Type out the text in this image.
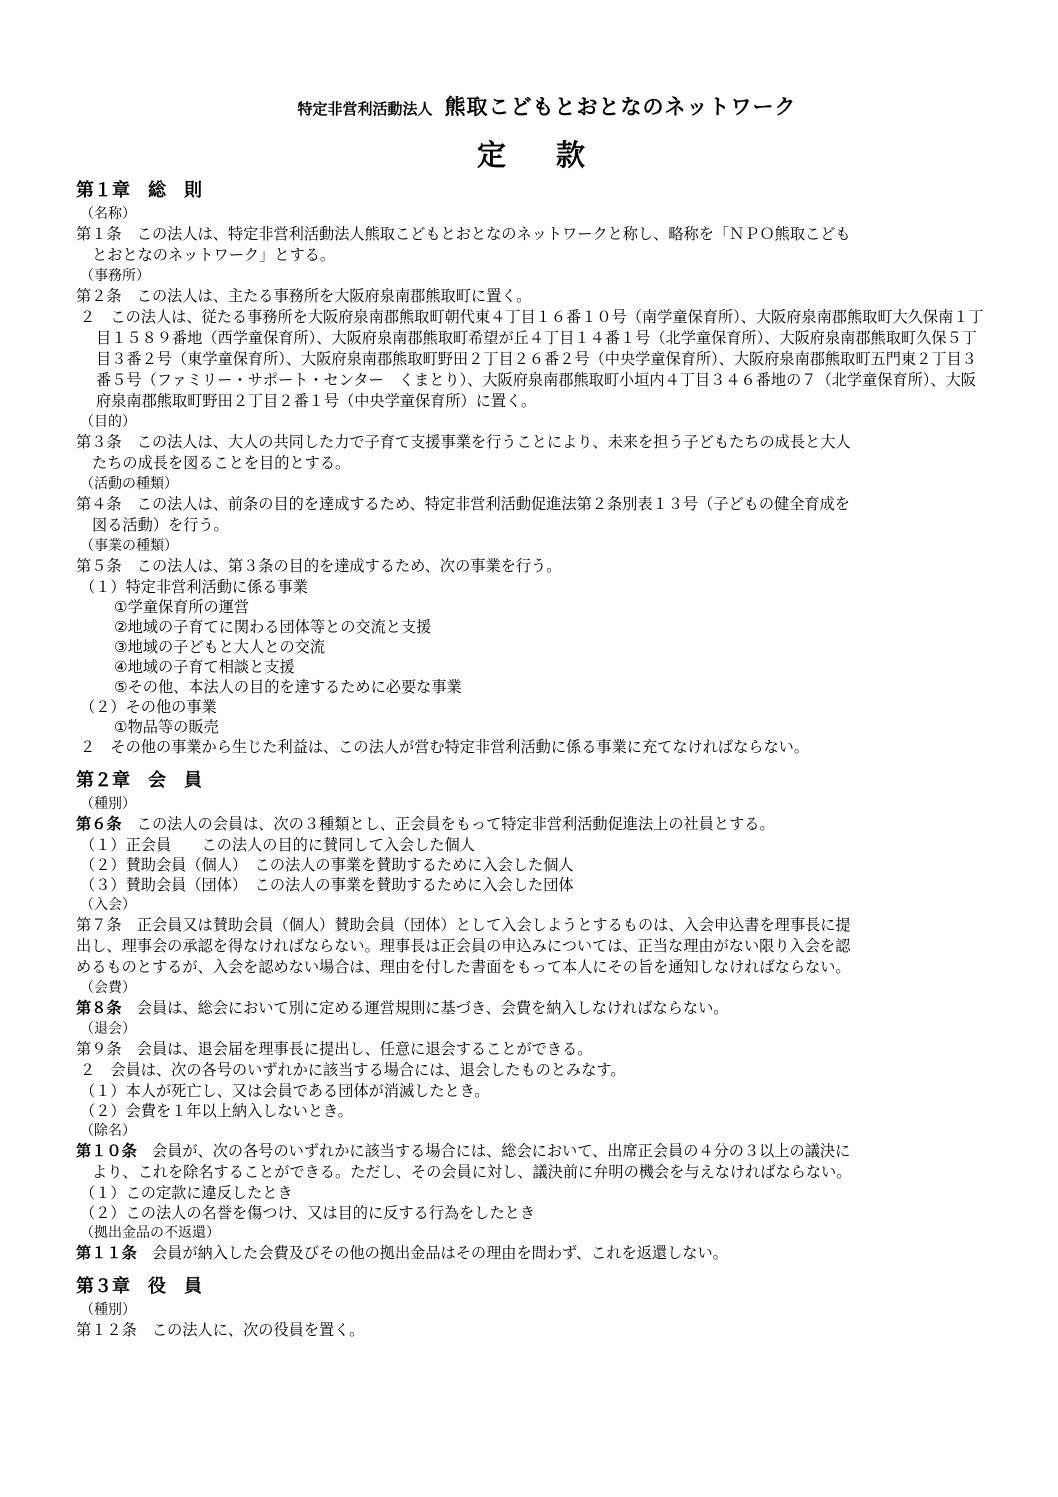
特定非営利活動法人 熊取こどもとおとなのネットワーク
定款
第１章　総　則
（名称）
第１条　この法人は、特定非営利活動法人熊取こどもとおとなのネットワークと称し、略称を「ＮＰＯ熊取こども
とおとなのネットワーク」とする。
（事務所）
第２条　この法人は、主たる事務所を大阪府泉南郡熊取町に置く。
２　この法人は、従たる事務所を大阪府泉南郡熊取町朝代東４丁目１６番１０号（南学童保育所）、大阪府泉南郡熊取町大久保南１丁目１５８９番地（西学童保育所）、大阪府泉南郡熊取町希望が丘４丁目１４番１号（北学童保育所）、大阪府泉南郡熊取町久保５丁目３番２号（東学童保育所）、大阪府泉南郡熊取町野田２丁目２６番２号（中央学童保育所）、大阪府泉南郡熊取町五門東２丁目３番５号（ファミリー・サポート・センター　くまとり）、大阪府泉南郡熊取町小垣内４丁目３４６番地の７（北学童保育所）、大阪府泉南郡熊取町野田２丁目２番１号（中央学童保育所）に置く。
（目的）
第３条　この法人は、大人の共同した力で子育て支援事業を行うことにより、未来を担う子どもたちの成長と大人
たちの成長を図ることを目的とする。
（活動の種類）
第４条　この法人は、前条の目的を達成するため、特定非営利活動促進法第２条別表１３号（子どもの健全育成を
図る活動）を行う。
（事業の種類）
第５条　この法人は、第３条の目的を達成するため、次の事業を行う。
（１）特定非営利活動に係る事業
①学童保育所の運営
②地域の子育てに関わる団体等との交流と支援
③地域の子どもと大人との交流
④地域の子育て相談と支援
⑤その他、本法人の目的を達するために必要な事業
（２）その他の事業
①物品等の販売
２　その他の事業から生じた利益は、この法人が営む特定非営利活動に係る事業に充てなければならない。
第２章　会　員
（種別）
第６条　この法人の会員は、次の３種類とし、正会員をもって特定非営利活動促進法上の社員とする。
（１）正会員　　この法人の目的に賛同して入会した個人
（２）賛助会員（個人）　この法人の事業を賛助するために入会した個人
（３）賛助会員（団体）　この法人の事業を賛助するために入会した団体
（入会）
第７条　正会員又は賛助会員（個人）賛助会員（団体）として入会しようとするものは、入会申込書を理事長に提
出し、理事会の承認を得なければならない。理事長は正会員の申込みについては、正当な理由がない限り入会を認
めるものとするが、入会を認めない場合は、理由を付した書面をもって本人にその旨を通知しなければならない。
（会費）
第８条　会員は、総会において別に定める運営規則に基づき、会費を納入しなければならない。
（退会）
第９条　会員は、退会届を理事長に提出し、任意に退会することができる。
２　会員は、次の各号のいずれかに該当する場合には、退会したものとみなす。
（１）本人が死亡し、又は会員である団体が消滅したとき。
（２）会費を１年以上納入しないとき。
（除名）
第１０条　会員が、次の各号のいずれかに該当する場合には、総会において、出席正会員の４分の３以上の議決に
より、これを除名することができる。ただし、その会員に対し、議決前に弁明の機会を与えなければならない。
（１）この定款に違反したとき
（２）この法人の名誉を傷つけ、又は目的に反する行為をしたとき
（拠出金品の不返還）
第１１条　会員が納入した会費及びその他の拠出金品はその理由を問わず、これを返還しない。
第３章　役　員
（種別）
第１２条　この法人に、次の役員を置く。
